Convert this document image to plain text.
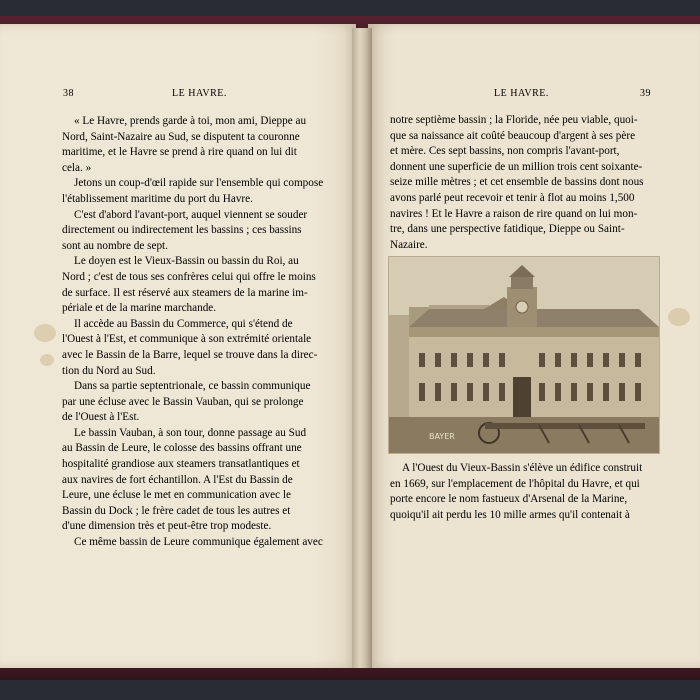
38	LE HAVRE.
« Le Havre, prends garde à toi, mon ami, Dieppe au
Nord, Saint-Nazaire au Sud, se disputent ta couronne
maritime, et le Havre se prend à rire quand on lui dit
cela. »
Jetons un coup-d'œil rapide sur l'ensemble qui compose
l'établissement maritime du port du Havre.
C'est d'abord l'avant-port, auquel viennent se souder
directement ou indirectement les bassins ; ces bassins
sont au nombre de sept.
Le doyen est le Vieux-Bassin ou bassin du Roi, au
Nord ; c'est de tous ses confrères celui qui offre le moins
de surface. Il est réservé aux steamers de la marine im-
périale et de la marine marchande.
Il accède au Bassin du Commerce, qui s'étend de
l'Ouest à l'Est, et communique à son extrémité orientale
avec le Bassin de la Barre, lequel se trouve dans la direc-
tion du Nord au Sud.
Dans sa partie septentrionale, ce bassin communique
par une écluse avec le Bassin Vauban, qui se prolonge
de l'Ouest à l'Est.
Le bassin Vauban, à son tour, donne passage au Sud
au Bassin de Leure, le colosse des bassins offrant une
hospitalité grandiose aux steamers transatlantiques et
aux navires de fort échantillon. A l'Est du Bassin de
Leure, une écluse le met en communication avec le
Bassin du Dock ; le frère cadet de tous les autres et
d'une dimension très et peut-être trop modeste.
Ce même bassin de Leure communique également avec
LE HAVRE.	39
notre septième bassin ; la Floride, née peu viable, quoi-
que sa naissance ait coûté beaucoup d'argent à ses père
et mère. Ces sept bassins, non compris l'avant-port,
donnent une superficie de un million trois cent soixante-
seize mille mètres ; et cet ensemble de bassins dont nous
avons parlé peut recevoir et tenir à flot au moins 1,500
navires ! Et le Havre a raison de rire quand on lui mon-
tre, dans une perspective fatidique, Dieppe ou Saint-
Nazaire.
BAYER
A l'Ouest du Vieux-Bassin s'élève un édifice construit
en 1669, sur l'emplacement de l'hôpital du Havre, et qui
porte encore le nom fastueux d'Arsenal de la Marine,
quoiqu'il ait perdu les 10 mille armes qu'il contenait à
